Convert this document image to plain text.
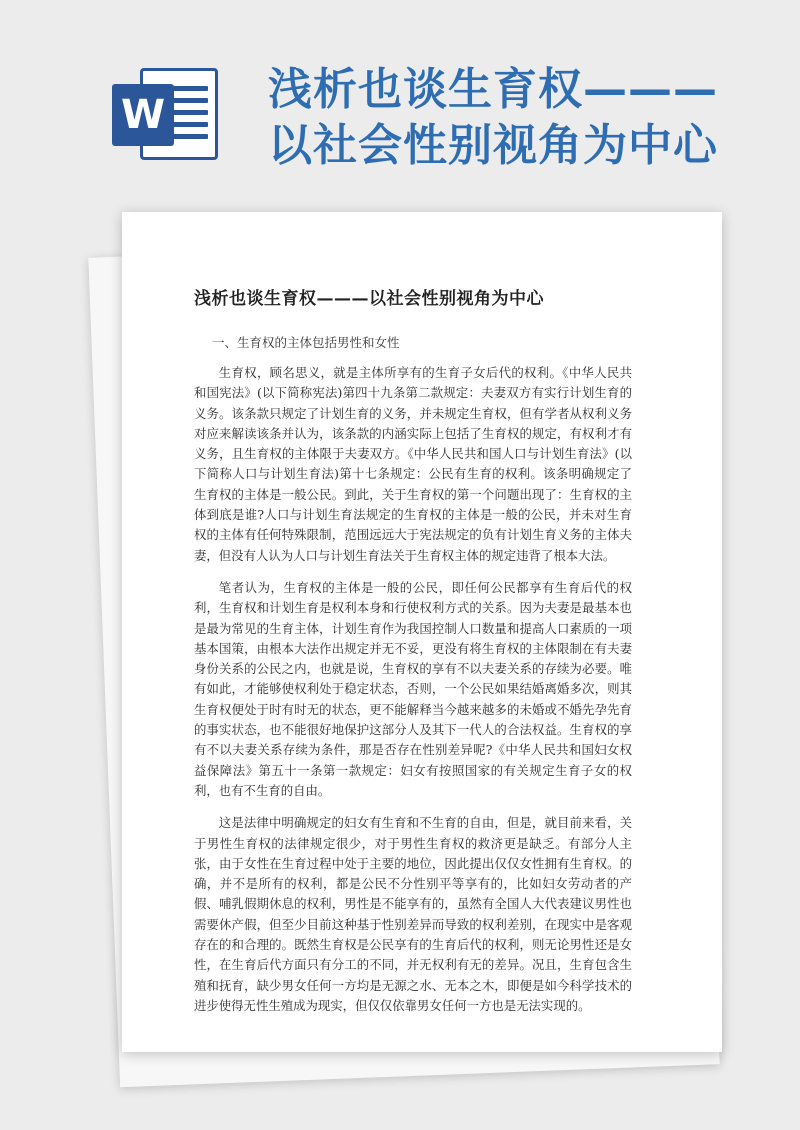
W 浅析也谈生育权———
以社会性别视角为中心
浅析也谈生育权———以社会性别视角为中心

一、生育权的主体包括男性和女性

生育权，顾名思义，就是主体所享有的生育子女后代的权利。《中华人民共和国宪法》(以下简称宪法)第四十九条第二款规定：夫妻双方有实行计划生育的义务。该条款只规定了计划生育的义务，并未规定生育权，但有学者从权利义务对应来解读该条并认为，该条款的内涵实际上包括了生育权的规定，有权利才有义务，且生育权的主体限于夫妻双方。《中华人民共和国人口与计划生育法》(以下简称人口与计划生育法)第十七条规定：公民有生育的权利。该条明确规定了生育权的主体是一般公民。到此，关于生育权的第一个问题出现了：生育权的主体到底是谁?人口与计划生育法规定的生育权的主体是一般的公民，并未对生育权的主体有任何特殊限制，范围远远大于宪法规定的负有计划生育义务的主体夫妻，但没有人认为人口与计划生育法关于生育权主体的规定违背了根本大法。

笔者认为，生育权的主体是一般的公民，即任何公民都享有生育后代的权利，生育权和计划生育是权利本身和行使权利方式的关系。因为夫妻是最基本也是最为常见的生育主体，计划生育作为我国控制人口数量和提高人口素质的一项基本国策，由根本大法作出规定并无不妥，更没有将生育权的主体限制在有夫妻身份关系的公民之内，也就是说，生育权的享有不以夫妻关系的存续为必要。唯有如此，才能够使权利处于稳定状态，否则，一个公民如果结婚离婚多次，则其生育权便处于时有时无的状态，更不能解释当今越来越多的未婚或不婚先孕先育的事实状态，也不能很好地保护这部分人及其下一代人的合法权益。生育权的享有不以夫妻关系存续为条件，那是否存在性别差异呢?《中华人民共和国妇女权益保障法》第五十一条第一款规定：妇女有按照国家的有关规定生育子女的权利，也有不生育的自由。

这是法律中明确规定的妇女有生育和不生育的自由，但是，就目前来看，关于男性生育权的法律规定很少，对于男性生育权的救济更是缺乏。有部分人主张，由于女性在生育过程中处于主要的地位，因此提出仅仅女性拥有生育权。的确，并不是所有的权利，都是公民不分性别平等享有的，比如妇女劳动者的产假、哺乳假期休息的权利，男性是不能享有的，虽然有全国人大代表建议男性也需要休产假，但至少目前这种基于性别差异而导致的权利差别，在现实中是客观存在的和合理的。既然生育权是公民享有的生育后代的权利，则无论男性还是女性，在生育后代方面只有分工的不同，并无权利有无的差异。况且，生育包含生殖和抚育，缺少男女任何一方均是无源之水、无本之木，即便是如今科学技术的进步使得无性生殖成为现实，但仅仅依靠男女任何一方也是无法实现的。
